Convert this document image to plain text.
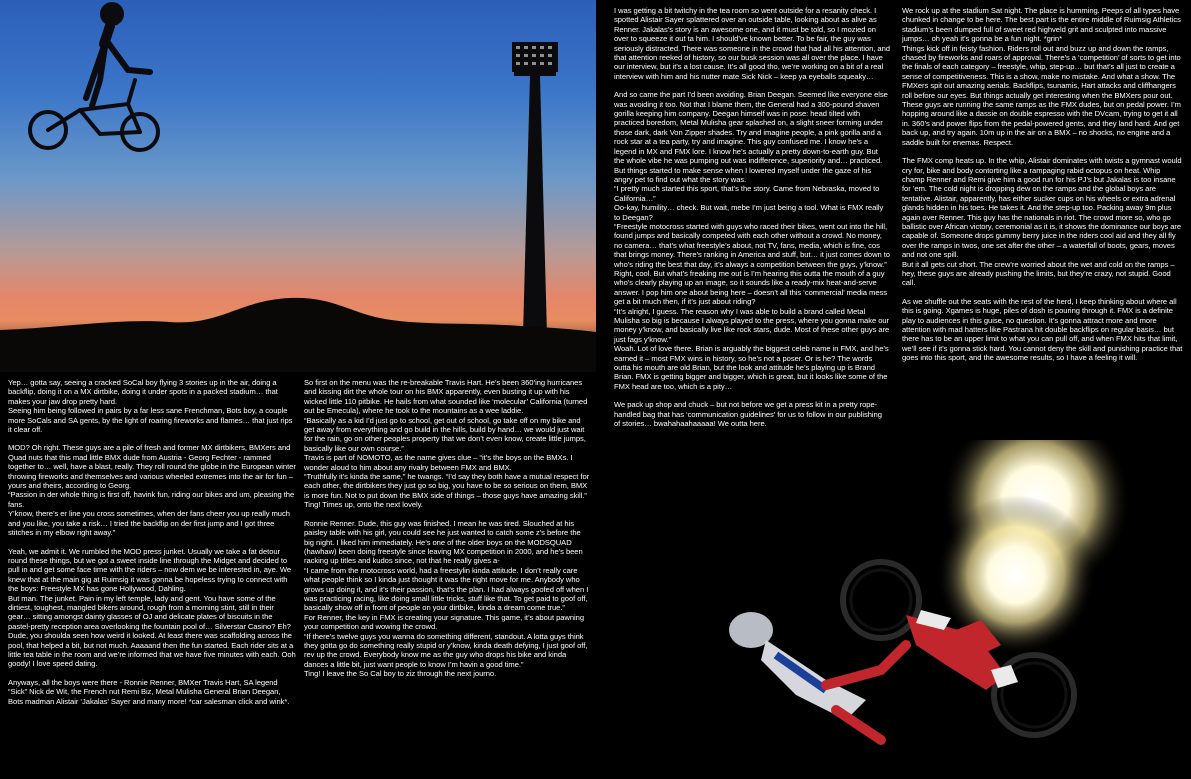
Yep… gotta say, seeing a cracked SoCal boy flying 3 stories up in the air, doing a backflip, doing it on a MX dirtbike, doing it under spots in a packed stadium… that makes your jaw drop pretty hard.
Seeing him being followed in pairs by a far less sane Frenchman, Bots boy, a couple more SoCals and SA gents, by the light of roaring fireworks and flames… that just rips it clear off.

MOD? Oh right. These guys are a pile of fresh and former MX dirtbikers, BMXers and Quad nuts that this mad little BMX dude from Austria - Georg Fechter - rammed together to… well, have a blast, really. They roll round the globe in the European winter throwing fireworks and themselves and various wheeled extremes into the air for fun – yours and theirs, according to Georg.
“Passion in der whole thing is first off, havink fun, riding our bikes and um, pleasing the fans.
Y’know, there’s er line you cross sometimes, when der fans cheer you up really much and you like, you take a risk… I tried the backflip on der first jump and I got three stitches in my elbow right away.”

Yeah, we admit it. We rumbled the MOD press junket. Usually we take a fat detour round these things, but we got a sweet inside line through the Midget and decided to pull in and get some face time with the riders – now dem we be interested in, aye. We knew that at the main gig at Ruimsig it was gonna be hopeless trying to connect with the boys: Freestyle MX has gone Hollywood, Dahling.
But man. The junket. Pain in my left temple, lady and gent. You have some of the dirtiest, toughest, mangled bikers around, rough from a morning stint, still in their gear… sitting amongst dainty glasses of OJ and delicate plates of biscuits in the pastel-pretty reception area overlooking the fountain pool of… Silverstar Casino? Eh?
Dude, you shoulda seen how weird it looked. At least there was scaffolding across the pool, that helped a bit, but not much. Aaaaand then the fun started. Each rider sits at a little tea table in the room and we’re informed that we have five minutes with each. Ooh goody! I love speed dating.

Anyways, all the boys were there - Ronnie Renner, BMXer Travis Hart, SA legend “Sick” Nick de Wit, the French nut Remi Biz, Metal Mulisha General Brian Deegan, Bots madman Alistair ‘Jakalas’ Sayer and many more! *car salesman click and wink*.

So first on the menu was the re-breakable Travis Hart. He’s been 360’ing hurricanes and kissing dirt the whole tour on his BMX apparently, even busting it up with his wicked little 110 pitbike. He hails from what sounded like ‘molecular’ California (turned out be Emecula), where he took to the mountains as a wee laddie.
“Basically as a kid I’d just go to school, get out of school, go take off on my bike and get away from everything and go build in the hills, build by hand… we would just wait for the rain, go on other peoples property that we don’t even know, create little jumps, basically like our own course.”
Travis is part of NOMOTO, as the name gives clue – “it’s the boys on the BMXs. I wonder aloud to him about any rivalry between FMX and BMX.
“Truthfully it’s kinda the same,” he twangs. “I’d say they both have a mutual respect for each other, the dirtbikers they just go so big, you have to be so serious on them, BMX is more fun. Not to put down the BMX side of things – those guys have amazing skill.”
Ting! Times up, onto the next lovely.

Ronnie Renner. Dude, this guy was finished. I mean he was tired. Slouched at his paisley table with his girl, you could see he just wanted to catch some z’s before the big night. I liked him immediately. He’s one of the older boys on the MODSQUAD (hawhaw) been doing freestyle since leaving MX competition in 2000, and he’s been racking up titles and kudos since, not that he really gives a-
“I came from the motocross world, had a freestylin kinda attitude. I don’t really care what people think so I kinda just thought it was the right move for me. Anybody who grows up doing it, and it’s their passion, that’s the plan. I had always goofed off when I was practicing racing, like doing small little tricks, stuff like that. To get paid to goof off, basically show off in front of people on your dirtbike, kinda a dream come true.”
For Renner, the key in FMX is creating your signature. This game, it’s about pawning your competition and wowing the crowd.
“If there’s twelve guys you wanna do something different, standout. A lotta guys think they gotta go do something really stupid or y’know, kinda death defying, I just goof off, rev up the crowd. Everybody know me as the guy who drops his bike and kinda dances a little bit, just want people to know I’m havin a good time.”
Ting! I leave the So Cal boy to ziz through the next journo.

I was getting a bit twitchy in the tea room so went outside for a resanity check. I spotted Alistair Sayer splattered over an outside table, looking about as alive as Renner. Jakalas’s story is an awesome one, and it must be told, so I mozied on over to squeeze it out ta him. I should’ve known better. To be fair, the guy was seriously distracted. There was someone in the crowd that had all his attention, and that attention reeked of history, so our busk session was all over the place. I have our interview, but it’s a lost cause. It’s all good tho, we’re working on a bit of a real interview with him and his nutter mate Sick Nick – keep ya eyeballs squeaky…

And so came the part I’d been avoiding. Brian Deegan. Seemed like everyone else was avoiding it too. Not that I blame them, the General had a 300-pound shaven gorilla keeping him company. Deegan himself was in pose: head tilted with practiced boredom, Metal Mulisha gear splashed on, a slight sneer forming under those dark, dark Von Zipper shades. Try and imagine people, a pink gorilla and a rock star at a tea party, try and imagine. This guy confused me. I know he’s a legend in MX and FMX lore. I know he’s actually a pretty down-to-earth guy. But the whole vibe he was pumping out was indifference, superiority and… practiced. But things started to make sense when I lowered myself under the gaze of his angry pet to find out what the story was.
“I pretty much started this sport, that’s the story. Came from Nebraska, moved to California…”
Oo-kay, humility… check. But wait, mebe I’m just being a tool. What is FMX really to Deegan?
“Freestyle motocross started with guys who raced their bikes, went out into the hill, found jumps and basically competed with each other without a crowd. No money, no camera… that’s what freestyle’s about, not TV, fans, media, which is fine, cos that brings money. There’s ranking in America and stuff, but… it just comes down to who’s riding the best that day, it’s always a competition between the guys, y’know.”
Right, cool. But what’s freaking me out is I’m hearing this outta the mouth of a guy who’s clearly playing up an image, so it sounds like a ready-mix heat-and-serve answer. I pop him one about being here – doesn’t all this ‘commercial’ media mess get a bit much then, if it’s just about riding?
“It’s alright, I guess. The reason why I was able to build a brand called Metal Mulisha so big is because I always played to the press, where you gonna make our money y’know, and basically live like rock stars, dude. Most of these other guys are just fags y’know.”
Woah. Lot of love there. Brian is arguably the biggest celeb name in FMX, and he’s earned it – most FMX wins in history, so he’s not a poser. Or is he? The words outta his mouth are old Brian, but the look and attitude he’s playing up is Brand Brian. FMX is getting bigger and bigger, which is great, but it looks like some of the FMX head are too, which is a pity…

We pack up shop and chuck – but not before we get a press kit in a pretty rope-handled bag that has ‘communication guidelines’ for us to follow in our publishing of stories… bwahahaahaaaaa! We outta here.

We rock up at the stadium Sat night. The place is humming. Peeps of all types have chunked in change to be here. The best part is the entire middle of Ruimsig Athletics stadium’s been dumped full of sweet red highveld grit and sculpted into massive jumps… oh yeah it’s gonna be a fun night. *grin*
Things kick off in feisty fashion. Riders roll out and buzz up and down the ramps, chased by fireworks and roars of approval. There’s a ‘competition’ of sorts to get into the finals of each category – freestyle, whip, step-up… but that’s all just to create a sense of competitiveness. This is a show, make no mistake. And what a show. The FMXers spit out amazing aerials. Backflips, tsunamis, Hart attacks and cliffhangers roll before our eyes. But things actually get interesting when the BMXers pour out. These guys are running the same ramps as the FMX dudes, but on pedal power. I’m hopping around like a dassie on double espresso with the DVcam, trying to get it all in. 360’s and power flips from the pedal-powered gents, and they land hard. And get back up, and try again. 10m up in the air on a BMX – no shocks, no engine and a saddle built for enemas. Respect.

The FMX comp heats up. In the whip, Alistair dominates with twists a gymnast would cry for, bike and body contorting like a rampaging rabid octopus on heat. Whip champ Renner and Remi give him a good run for his PJ’s but Jakalas is too insane for ’em. The cold night is dropping dew on the ramps and the global boys are tentative. Alistair, apparently, has either sucker cups on his wheels or extra adrenal glands hidden in his toes. He takes it. And the step-up too. Packing away 9m plus again over Renner. This guy has the nationals in riot. The crowd more so, who go ballistic over African victory, ceremonial as it is, it shows the dominance our boys are capable of. Someone drops gummy berry juice in the riders cool aid and they all fly over the ramps in twos, one set after the other – a waterfall of boots, gears, moves and not one spill.
But it all gets cut short. The crew’re worried about the wet and cold on the ramps – hey, these guys are already pushing the limits, but they’re crazy, not stupid. Good call.

As we shuffle out the seats with the rest of the herd, I keep thinking about where all this is going. Xgames is huge, piles of dosh is pouring through it. FMX is a definite play to audiences in this guise, no question. It’s gonna attract more and more attention with mad hatters like Pastrana hit double backflips on regular basis… but there has to be an upper limit to what you can pull off, and when FMX hits that limit, we’ll see if it’s gonna stick hard. You cannot deny the skill and punishing practice that goes into this sport, and the awesome results, so I have a feeling it will.
